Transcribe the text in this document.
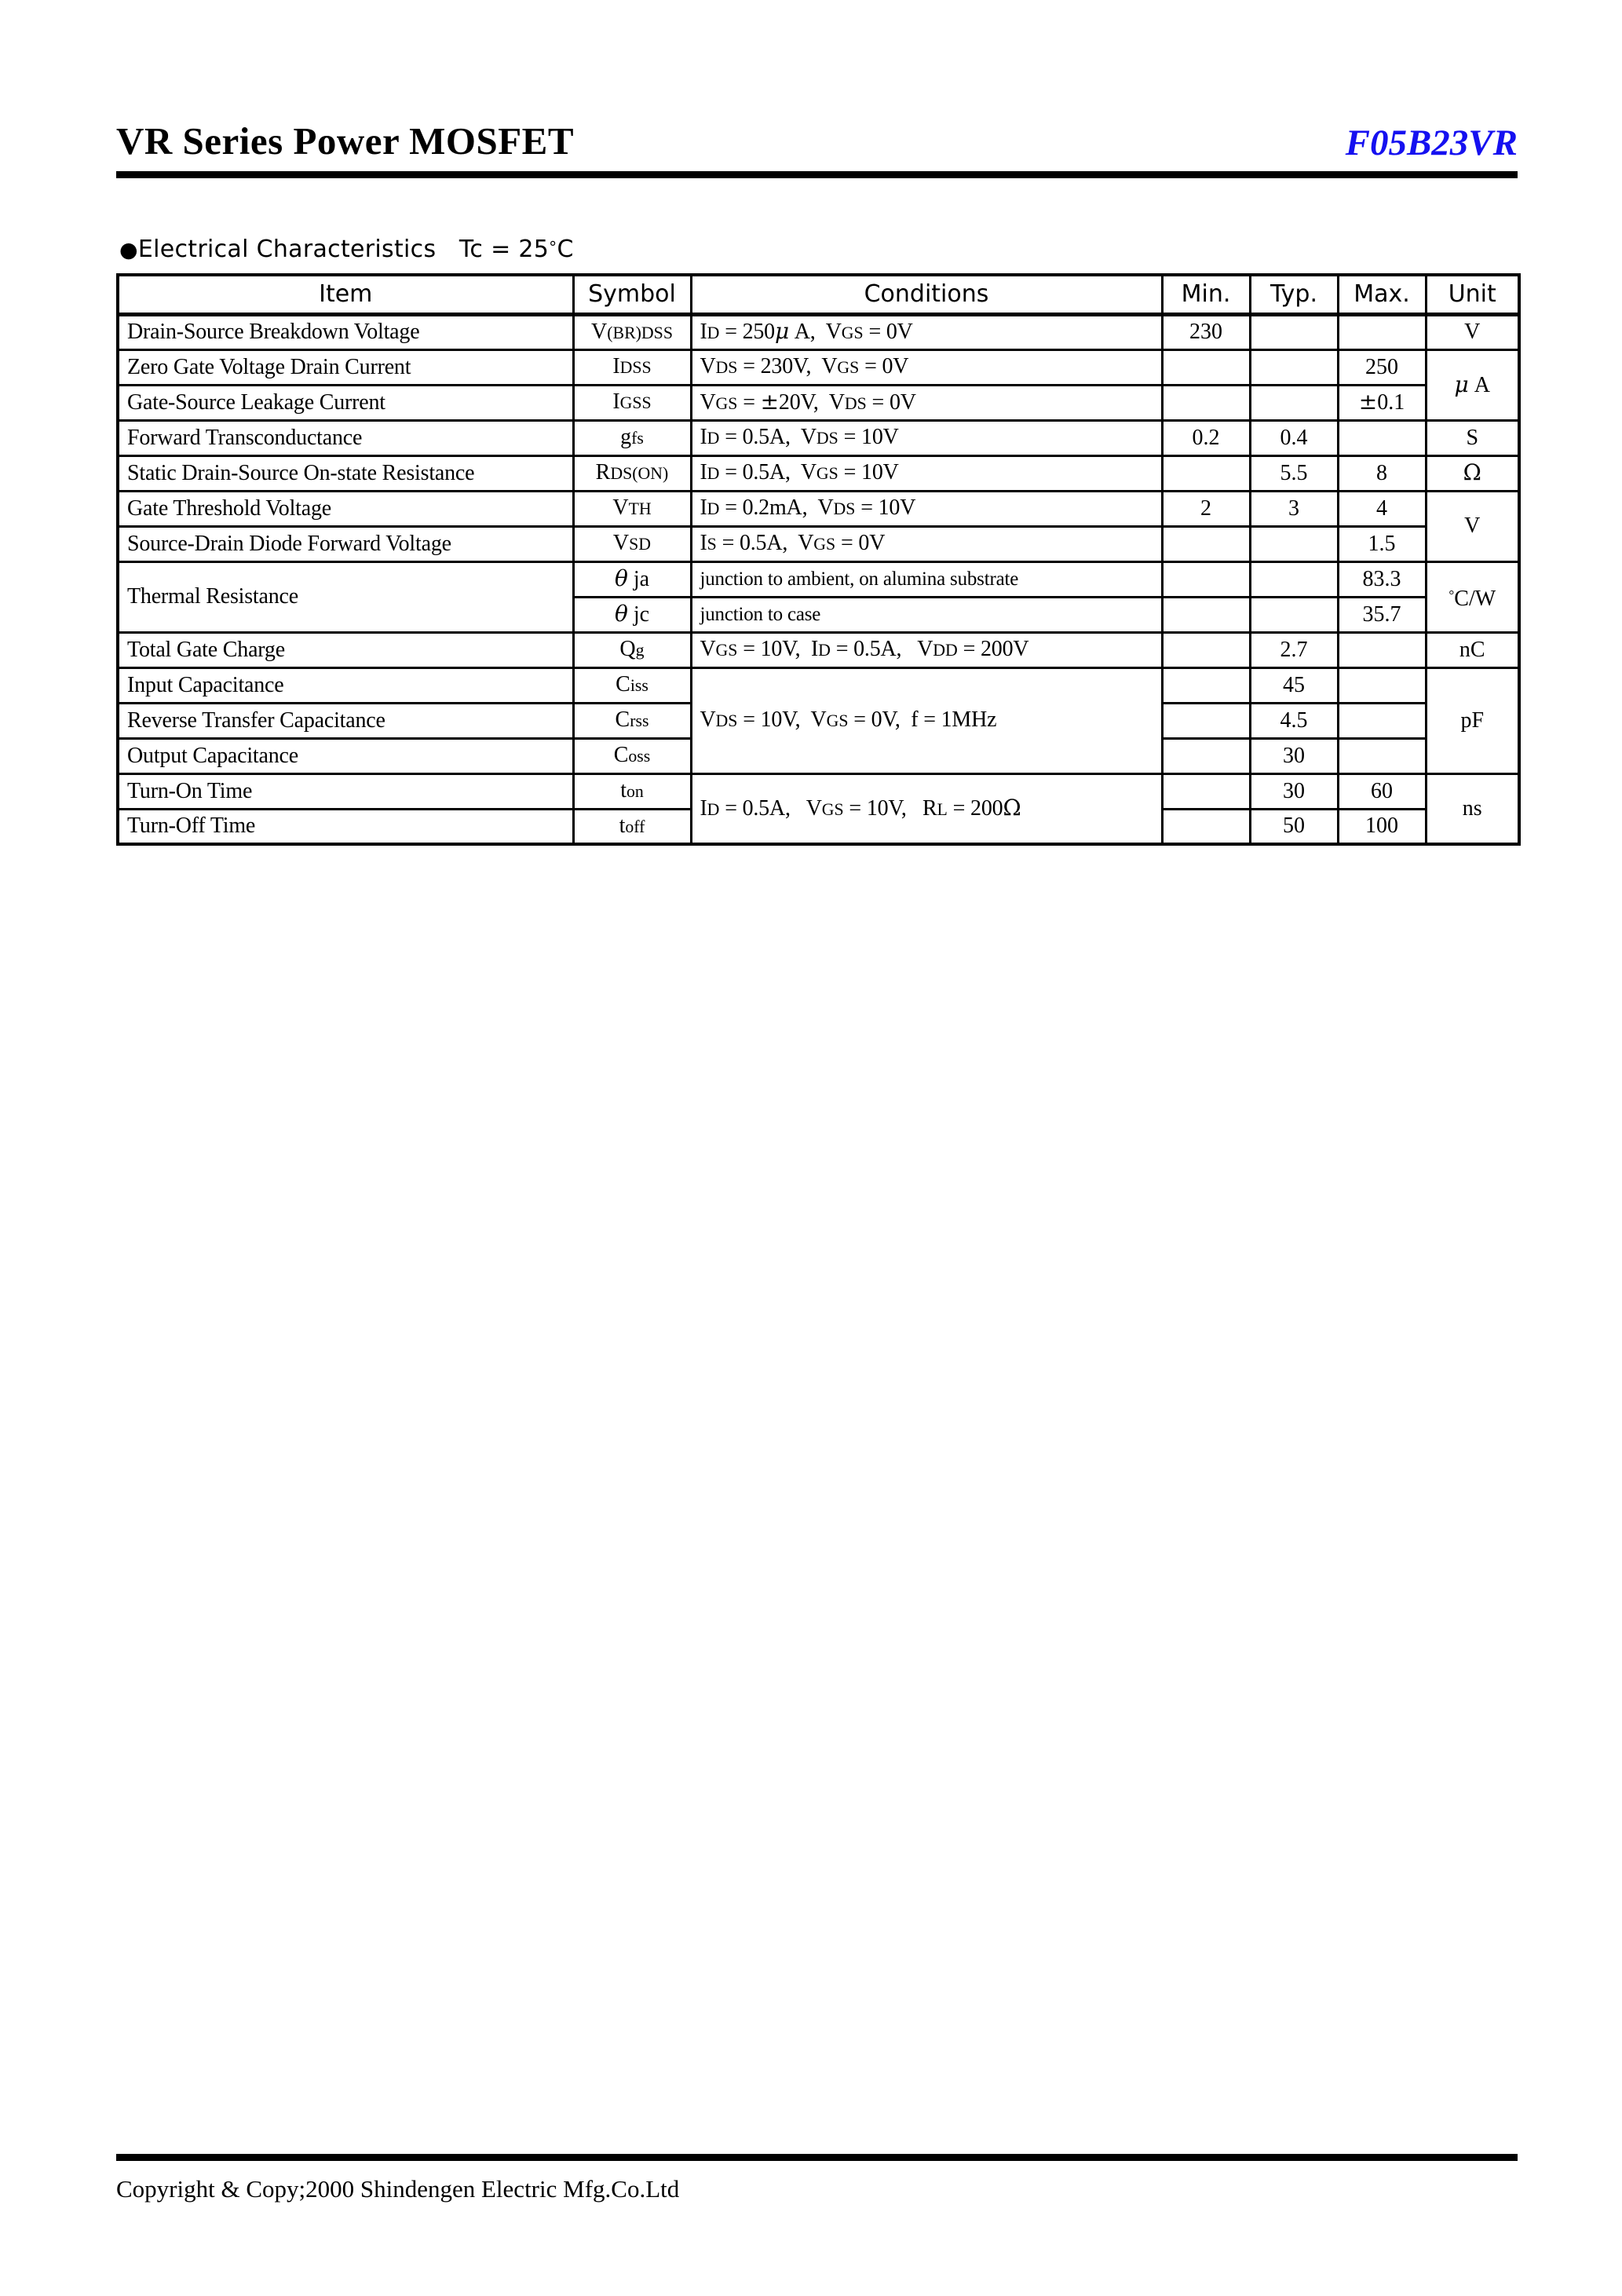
VR Series Power MOSFET	F05B23VR
●Electrical Characteristics Tc = 25°C
Item	Symbol	Conditions	Min.	Typ.	Max.	Unit
Drain-Source Breakdown Voltage	V(BR)DSS	ID = 250μ A,  VGS = 0V	230			V
Zero Gate Voltage Drain Current	IDSS	VDS = 230V,  VGS = 0V			250	μ A
Gate-Source Leakage Current	IGSS	VGS = ±20V,  VDS = 0V			±0.1	
Forward Transconductance	gfs	ID = 0.5A,  VDS = 10V	0.2	0.4		S
Static Drain-Source On-state Resistance	RDS(ON)	ID = 0.5A,  VGS = 10V		5.5	8	Ω
Gate Threshold Voltage	VTH	ID = 0.2mA,  VDS = 10V	2	3	4	V
Source-Drain Diode Forward Voltage	VSD	IS = 0.5A,  VGS = 0V			1.5	
Thermal Resistance	θ ja	junction to ambient, on alumina substrate			83.3	°C/W
	θ jc	junction to case			35.7	
Total Gate Charge	Qg	VGS = 10V,  ID = 0.5A,   VDD = 200V		2.7		nC
Input Capacitance	Ciss	VDS = 10V,  VGS = 0V,  f = 1MHz		45		pF
Reverse Transfer Capacitance	Crss			4.5		
Output Capacitance	Coss			30		
Turn-On Time	ton	ID = 0.5A,   VGS = 10V,   RL = 200Ω		30	60	ns
Turn-Off Time	toff			50	100	
Copyright & Copy;2000 Shindengen Electric Mfg.Co.Ltd
